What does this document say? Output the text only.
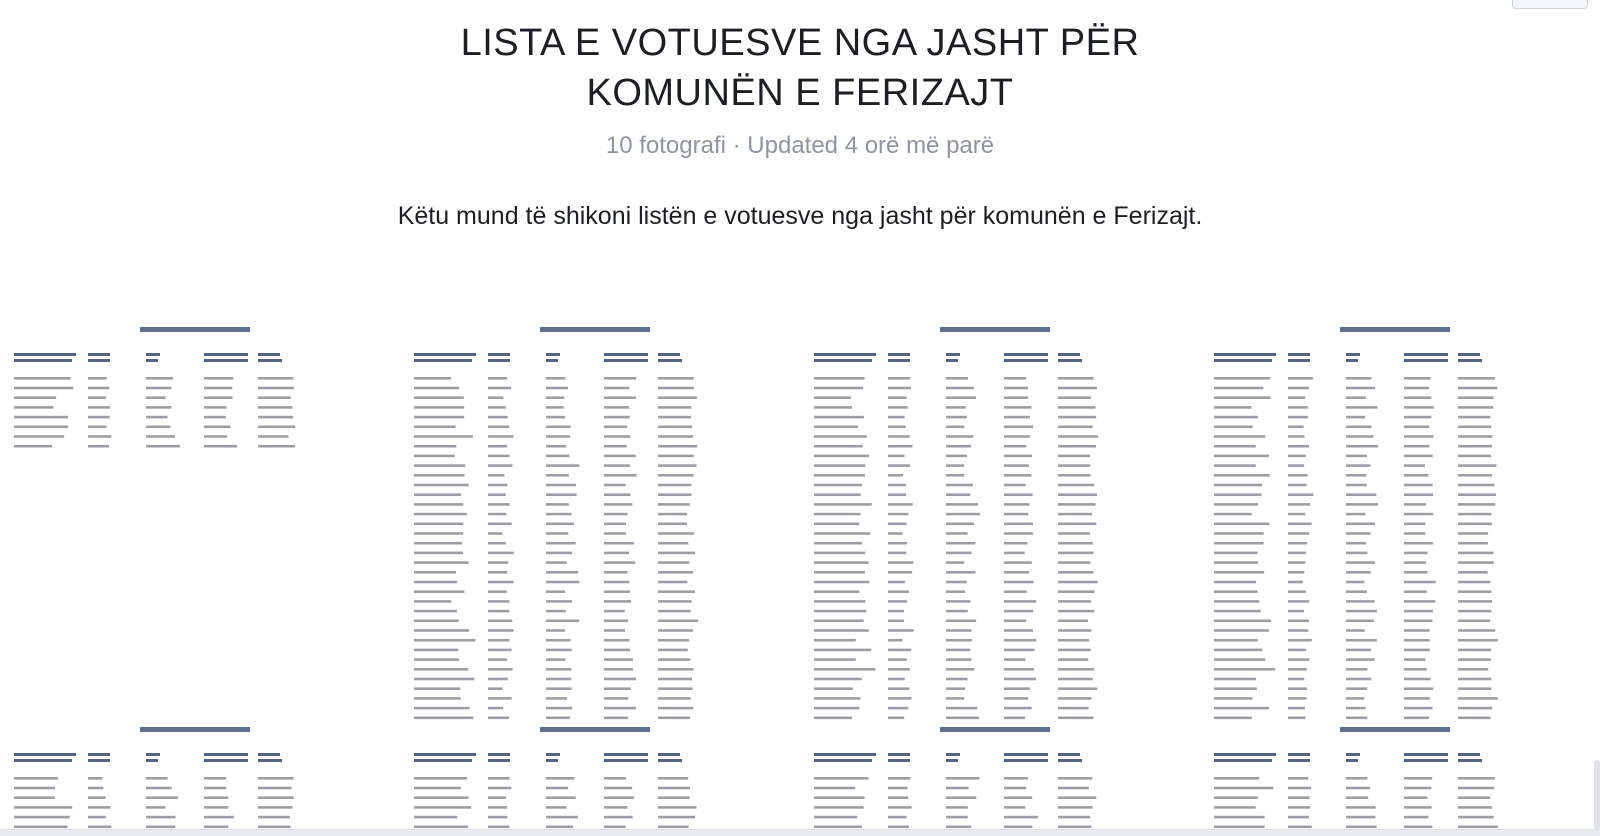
LISTA E VOTUESVE NGA JASHT PËR
KOMUNËN E FERIZAJT
10 fotografi · Updated 4 orë më parë
Këtu mund të shikoni listën e votuesve nga jasht për komunën e Ferizajt.
